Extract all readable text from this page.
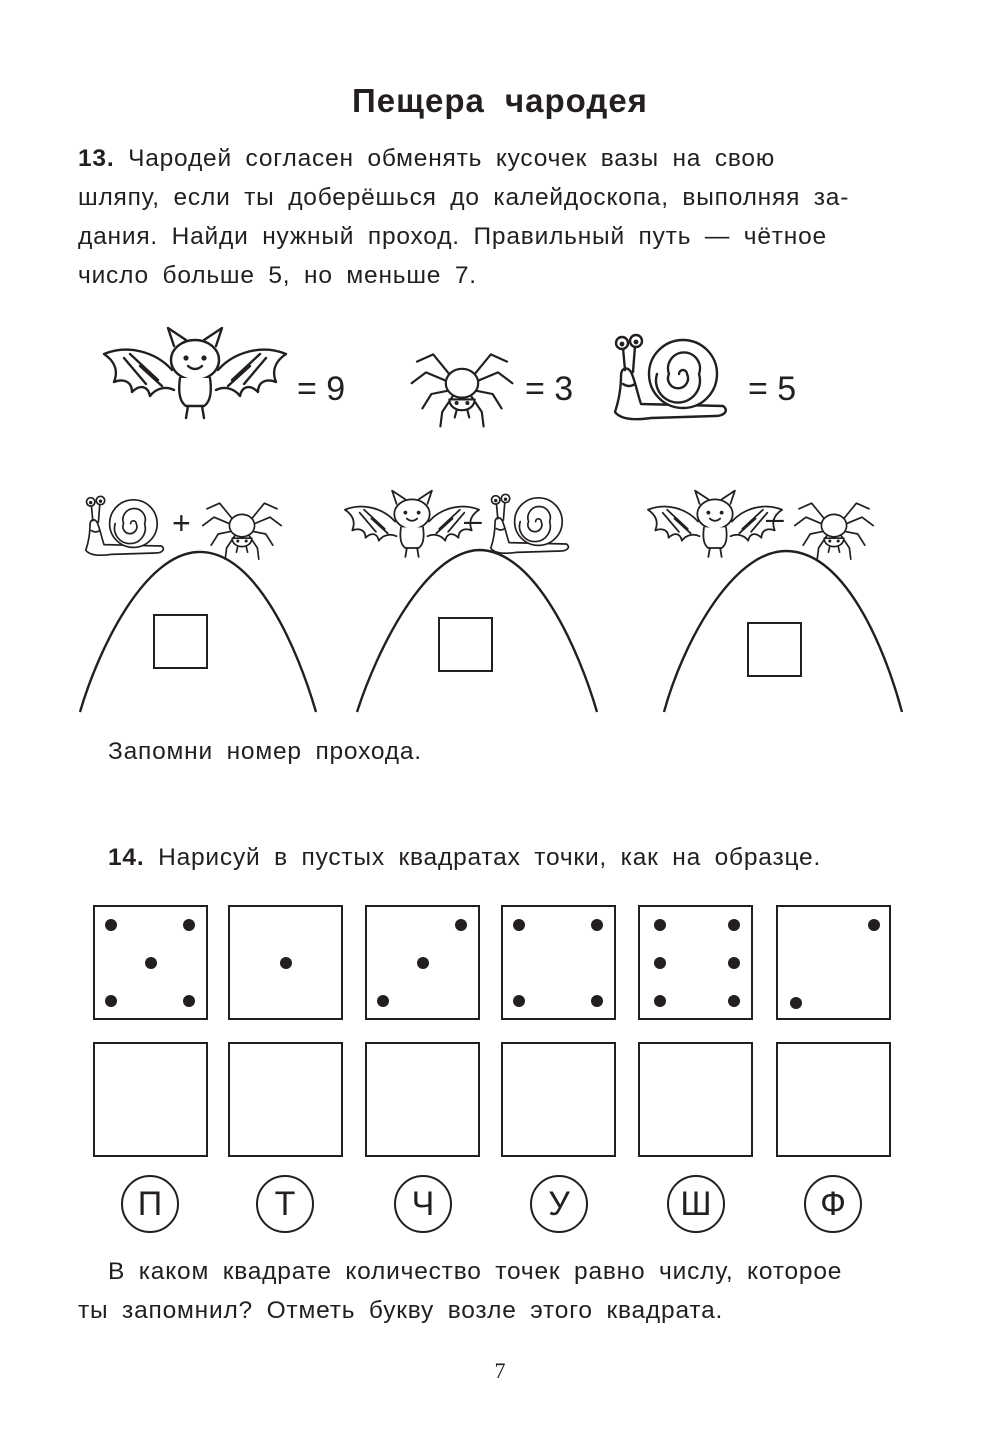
Пещера чародея
13. Чародей согласен обменять кусочек вазы на свою
шляпу, если ты доберёшься до калейдоскопа, выполняя за-
дания. Найди нужный проход. Правильный путь — чётное
число больше 5, но меньше 7.
= 9	= 3	= 5
+	–	–
Запомни номер прохода.
14. Нарисуй в пустых квадратах точки, как на образце.
П	Т	Ч	У	Ш	Ф
В каком квадрате количество точек равно числу, которое
ты запомнил? Отметь букву возле этого квадрата.
7
